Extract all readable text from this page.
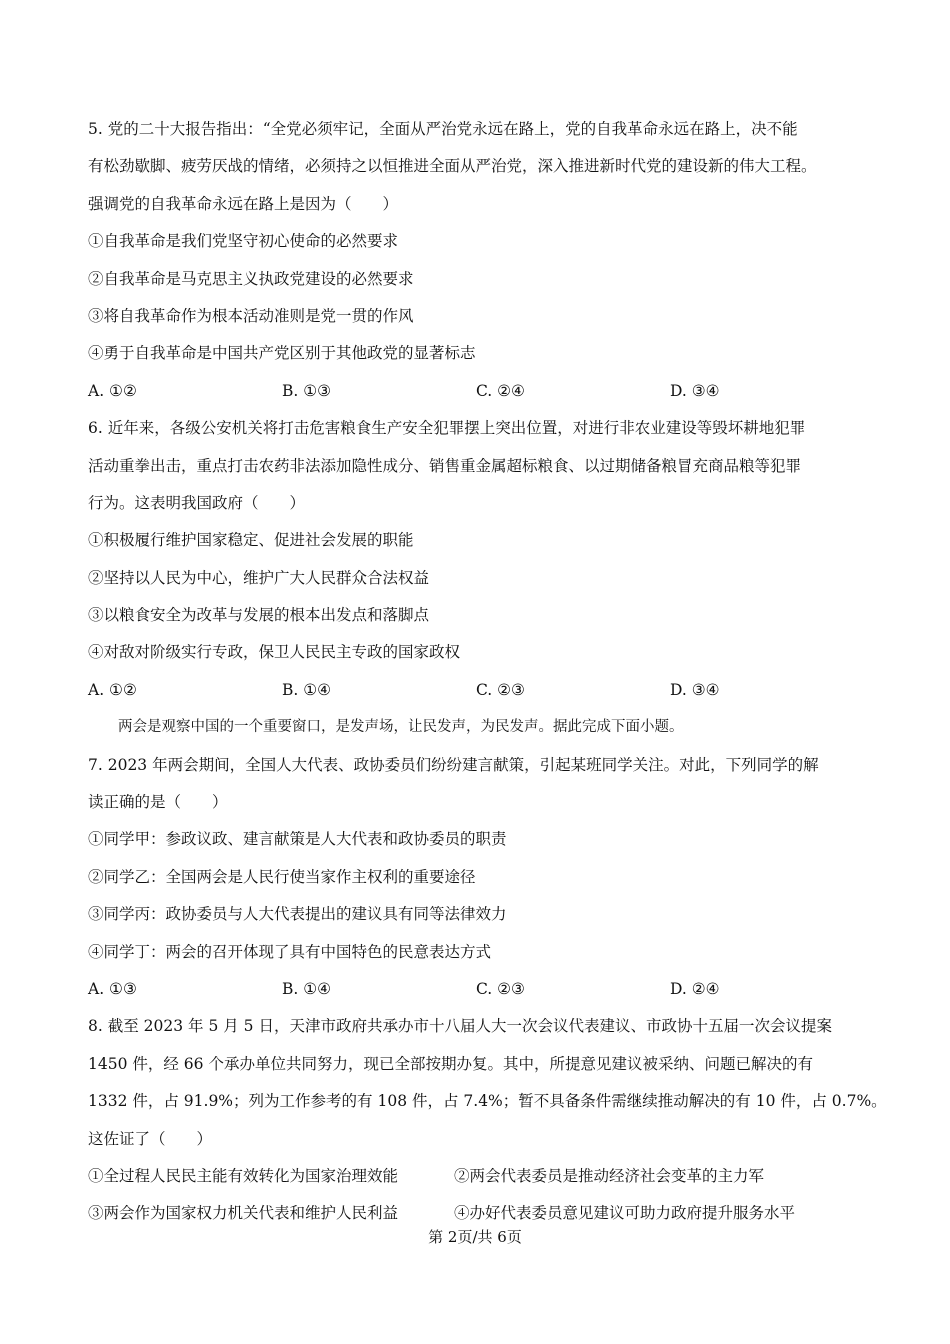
5. 党的二十大报告指出：“全党必须牢记，全面从严治党永远在路上，党的自我革命永远在路上，决不能
有松劲歇脚、疲劳厌战的情绪，必须持之以恒推进全面从严治党，深入推进新时代党的建设新的伟大工程。
强调党的自我革命永远在路上是因为（　　）
①自我革命是我们党坚守初心使命的必然要求
②自我革命是马克思主义执政党建设的必然要求
③将自我革命作为根本活动准则是党一贯的作风
④勇于自我革命是中国共产党区别于其他政党的显著标志
A. ①②	B. ①③	C. ②④	D. ③④
6. 近年来，各级公安机关将打击危害粮食生产安全犯罪摆上突出位置，对进行非农业建设等毁坏耕地犯罪
活动重拳出击，重点打击农药非法添加隐性成分、销售重金属超标粮食、以过期储备粮冒充商品粮等犯罪
行为。这表明我国政府（　　）
①积极履行维护国家稳定、促进社会发展的职能
②坚持以人民为中心，维护广大人民群众合法权益
③以粮食安全为改革与发展的根本出发点和落脚点
④对敌对阶级实行专政，保卫人民民主专政的国家政权
A. ①②	B. ①④	C. ②③	D. ③④
两会是观察中国的一个重要窗口，是发声场，让民发声，为民发声。据此完成下面小题。
7. 2023 年两会期间，全国人大代表、政协委员们纷纷建言献策，引起某班同学关注。对此，下列同学的解
读正确的是（　　）
①同学甲：参政议政、建言献策是人大代表和政协委员的职责
②同学乙：全国两会是人民行使当家作主权利的重要途径
③同学丙：政协委员与人大代表提出的建议具有同等法律效力
④同学丁：两会的召开体现了具有中国特色的民意表达方式
A. ①③	B. ①④	C. ②③	D. ②④
8. 截至 2023 年 5 月 5 日，天津市政府共承办市十八届人大一次会议代表建议、市政协十五届一次会议提案
1450 件，经 66 个承办单位共同努力，现已全部按期办复。其中，所提意见建议被采纳、问题已解决的有
1332 件，占 91.9%；列为工作参考的有 108 件，占 7.4%；暂不具备条件需继续推动解决的有 10 件，占 0.7%。
这佐证了（　　）
①全过程人民民主能有效转化为国家治理效能	②两会代表委员是推动经济社会变革的主力军
③两会作为国家权力机关代表和维护人民利益	④办好代表委员意见建议可助力政府提升服务水平
第 2页/共 6页
